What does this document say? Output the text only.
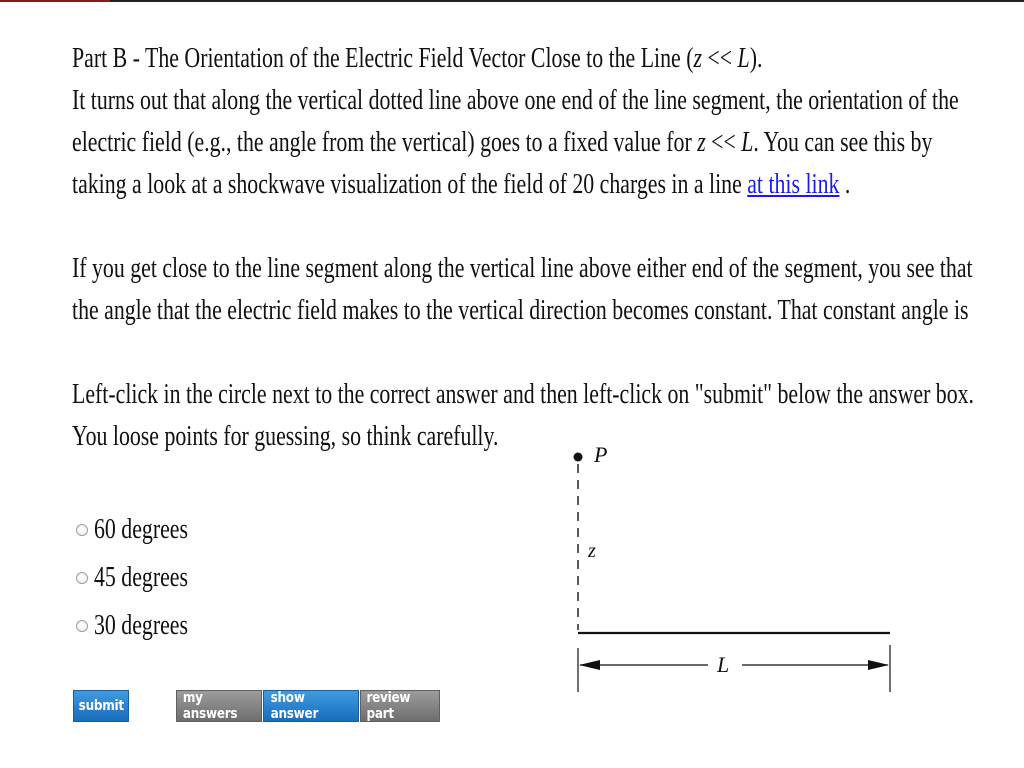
Part B - The Orientation of the Electric Field Vector Close to the Line (z << L).

It turns out that along the vertical dotted line above one end of the line segment, the orientation of the

electric field (e.g., the angle from the vertical) goes to a fixed value for z << L. You can see this by

taking a look at a shockwave visualization of the field of 20 charges in a line at this link .

If you get close to the line segment along the vertical line above either end of the segment, you see that

the angle that the electric field makes to the vertical direction becomes constant. That constant angle is

Left-click in the circle next to the correct answer and then left-click on "submit" below the answer box.

You loose points for guessing, so think carefully.

60 degrees
45 degrees
30 degrees
submit	my answers
show answer
review part
P
z
L
